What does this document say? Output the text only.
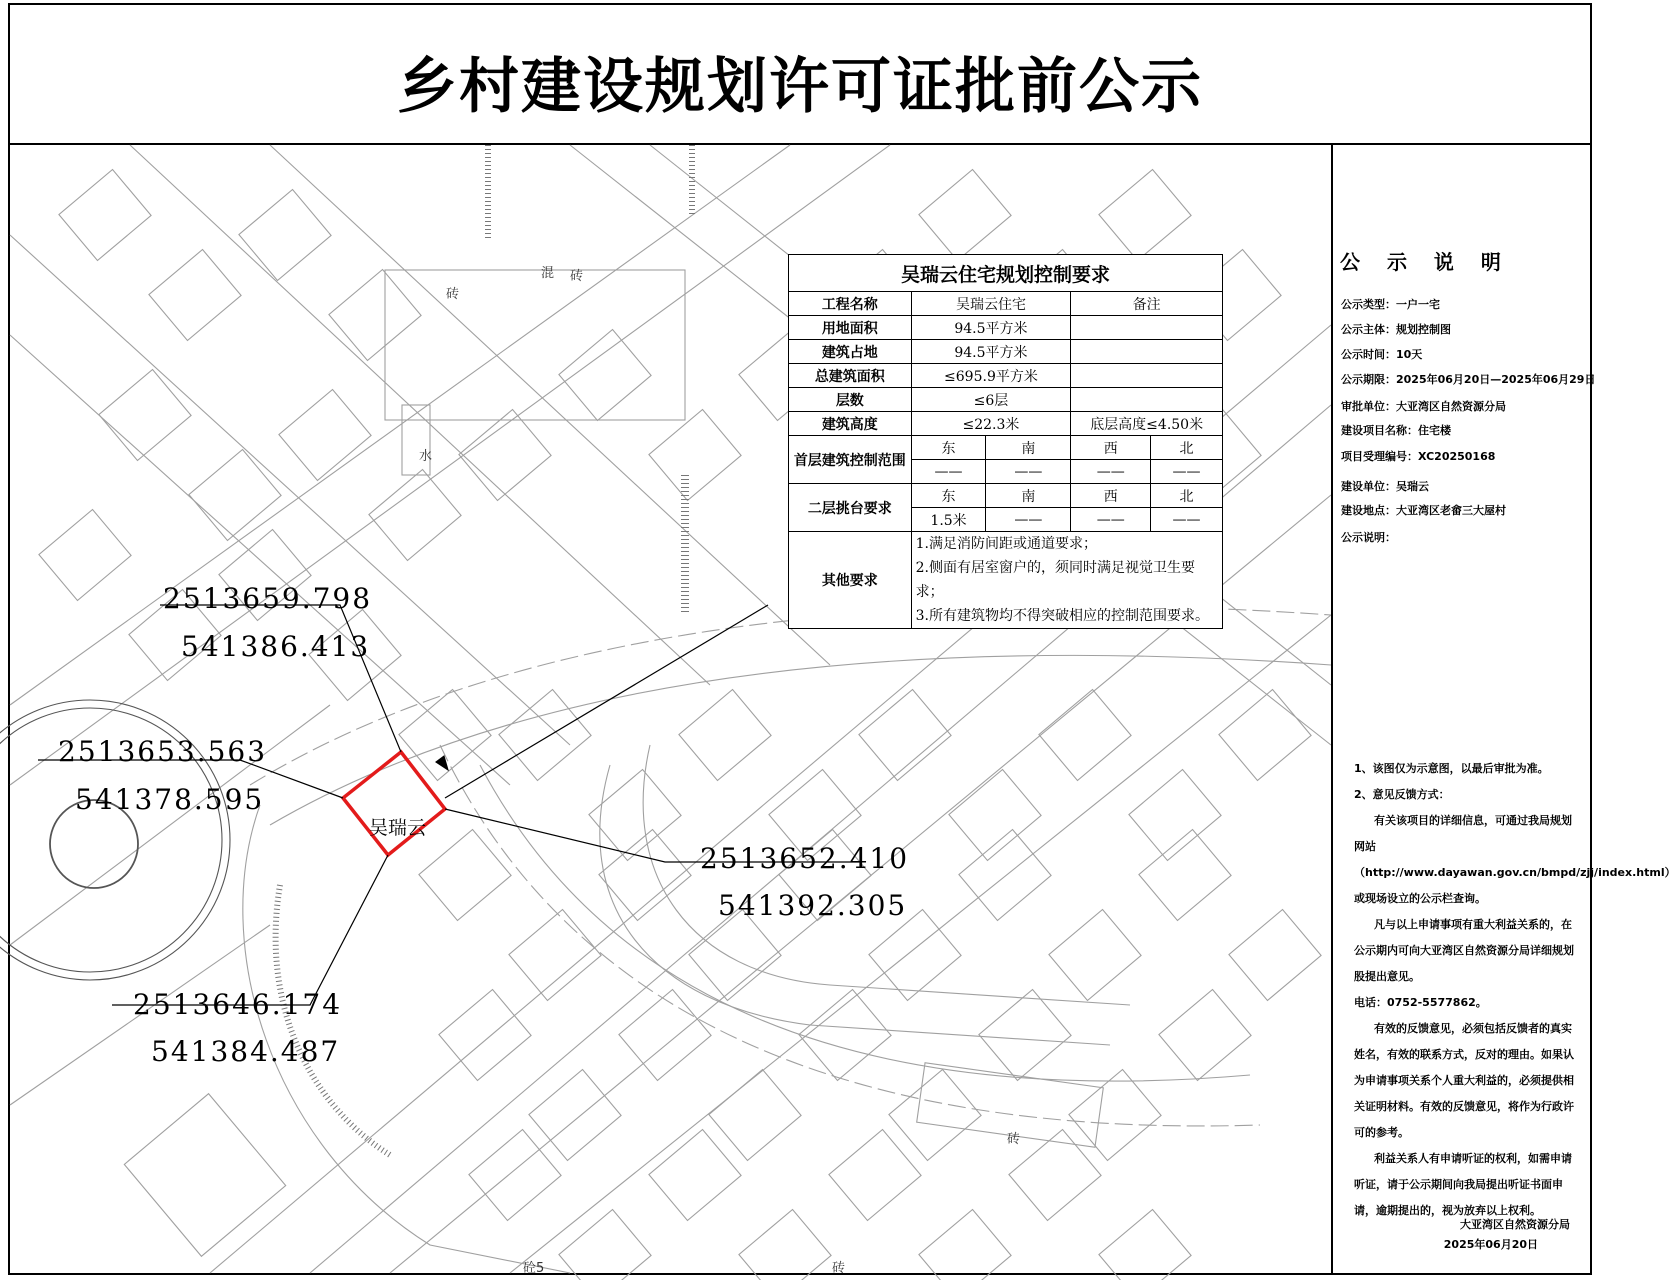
乡村建设规划许可证批前公示
砖
混 砖
水
砖
砼5	砖
吴瑞云
2513659.798
541386.413
2513653.563
541378.595
2513652.410
541392.305
2513646.174
541384.487
吴瑞云住宅规划控制要求				
工程名称	吴瑞云住宅		备注	
用地面积	94.5平方米			
建筑占地	94.5平方米			
总建筑面积	≤695.9平方米			
层数	≤6层			
建筑高度	≤22.3米		底层高度≤4.50米	
首层建筑控制范围	东	南	西	北
	——	——	——	——
二层挑台要求	东	南	西	北
	1.5米	——	——	——
其他要求	1.满足消防间距或通道要求；
2.侧面有居室窗户的，须同时满足视觉卫生要求；
3.所有建筑物均不得突破相应的控制范围要求。			
公 示 说 明
公示类型：一户一宅
公示主体：规划控制图
公示时间：10天
公示期限：2025年06月20日—2025年06月29日
审批单位：大亚湾区自然资源分局
建设项目名称：住宅楼
项目受理编号：XC20250168
建设单位：吴瑞云
建设地点：大亚湾区老畲三大屋村
公示说明：

1、该图仅为示意图，以最后审批为准。

2、意见反馈方式：

有关该项目的详细信息，可通过我局规划网站（http://www.dayawan.gov.cn/bmpd/zjj/index.html）或现场设立的公示栏查询。

凡与以上申请事项有重大利益关系的，在公示期内可向大亚湾区自然资源分局详细规划股提出意见。

电话：0752-5577862。

有效的反馈意见，必须包括反馈者的真实姓名，有效的联系方式，反对的理由。如果认为申请事项关系个人重大利益的，必须提供相关证明材料。有效的反馈意见，将作为行政许可的参考。

利益关系人有申请听证的权利，如需申请听证，请于公示期间向我局提出听证书面申请，逾期提出的，视为放弃以上权利。

大亚湾区自然资源分局
2025年06月20日
